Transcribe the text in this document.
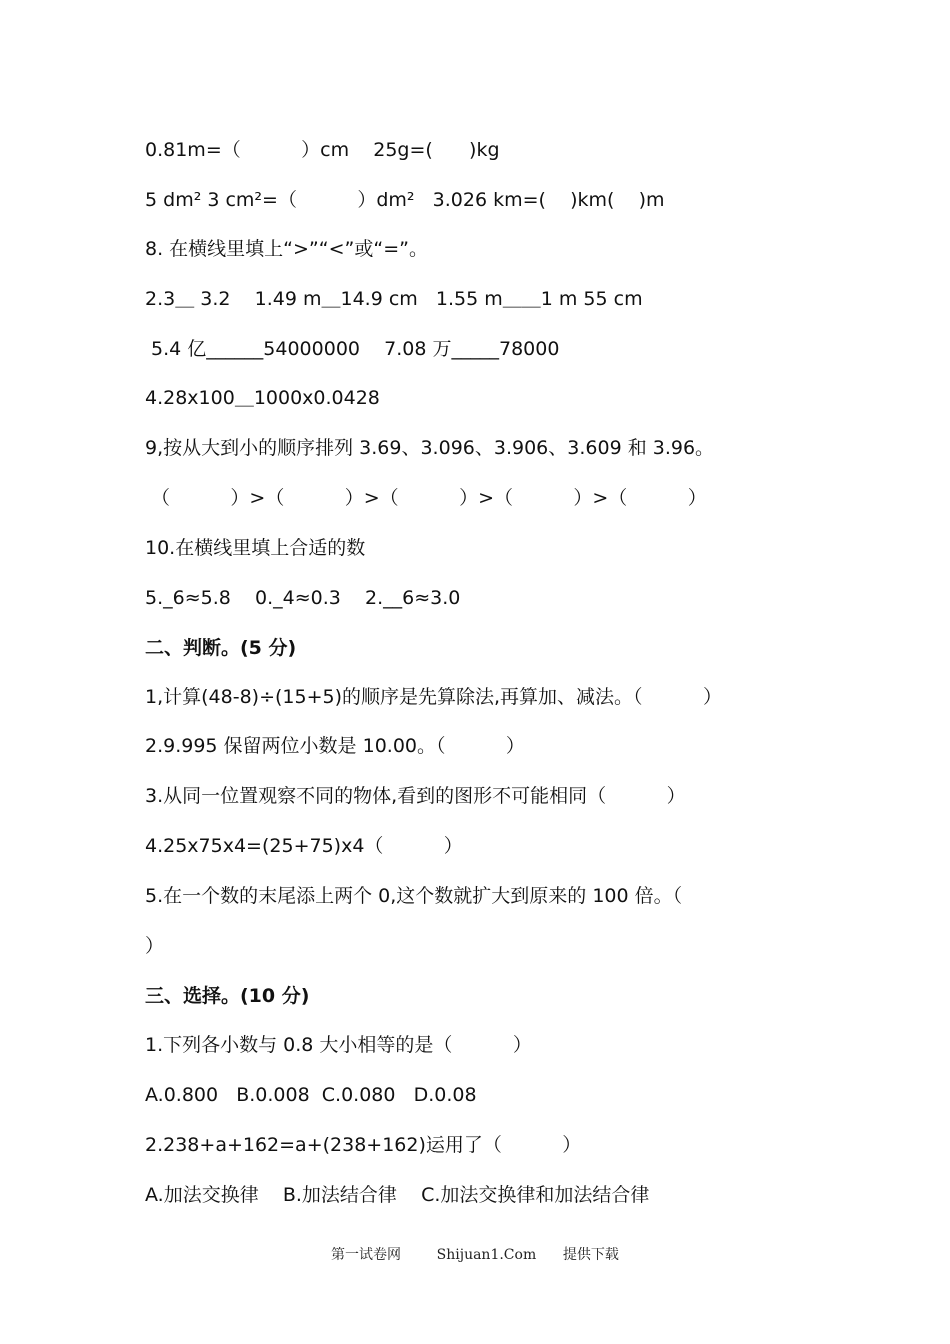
0.81m=（          ）cm    25g=(      )kg
5 dm² 3 cm²=（          ）dm²   3.026 km=(    )km(    )m
8. 在横线里填上“>”“<”或“=”。
2.3＿ 3.2    1.49 m＿14.9 cm   1.55 m＿＿1 m 55 cm
5.4 亿______54000000    7.08 万_____78000
4.28x100＿1000x0.0428
9,按从大到小的顺序排列 3.69、3.096、3.906、3.609 和 3.96。
（          ）>（          ）>（          ）>（          ）>（          ）
10.在横线里填上合适的数
5._6≈5.8    0._4≈0.3    2.__6≈3.0
二、判断。(5 分)
1,计算(48-8)÷(15+5)的顺序是先算除法,再算加、减法。（          ）
2.9.995 保留两位小数是 10.00。（          ）
3.从同一位置观察不同的物体,看到的图形不可能相同（          ）
4.25x75x4=(25+75)x4（          ）
5.在一个数的末尾添上两个 0,这个数就扩大到原来的 100 倍。（
）
三、选择。(10 分)
1.下列各小数与 0.8 大小相等的是（          ）
A.0.800   B.0.008  C.0.080   D.0.08
2.238+a+162=a+(238+162)运用了（          ）
A.加法交换律    B.加法结合律    C.加法交换律和加法结合律
第一试卷网        Shijuan1.Com      提供下载
